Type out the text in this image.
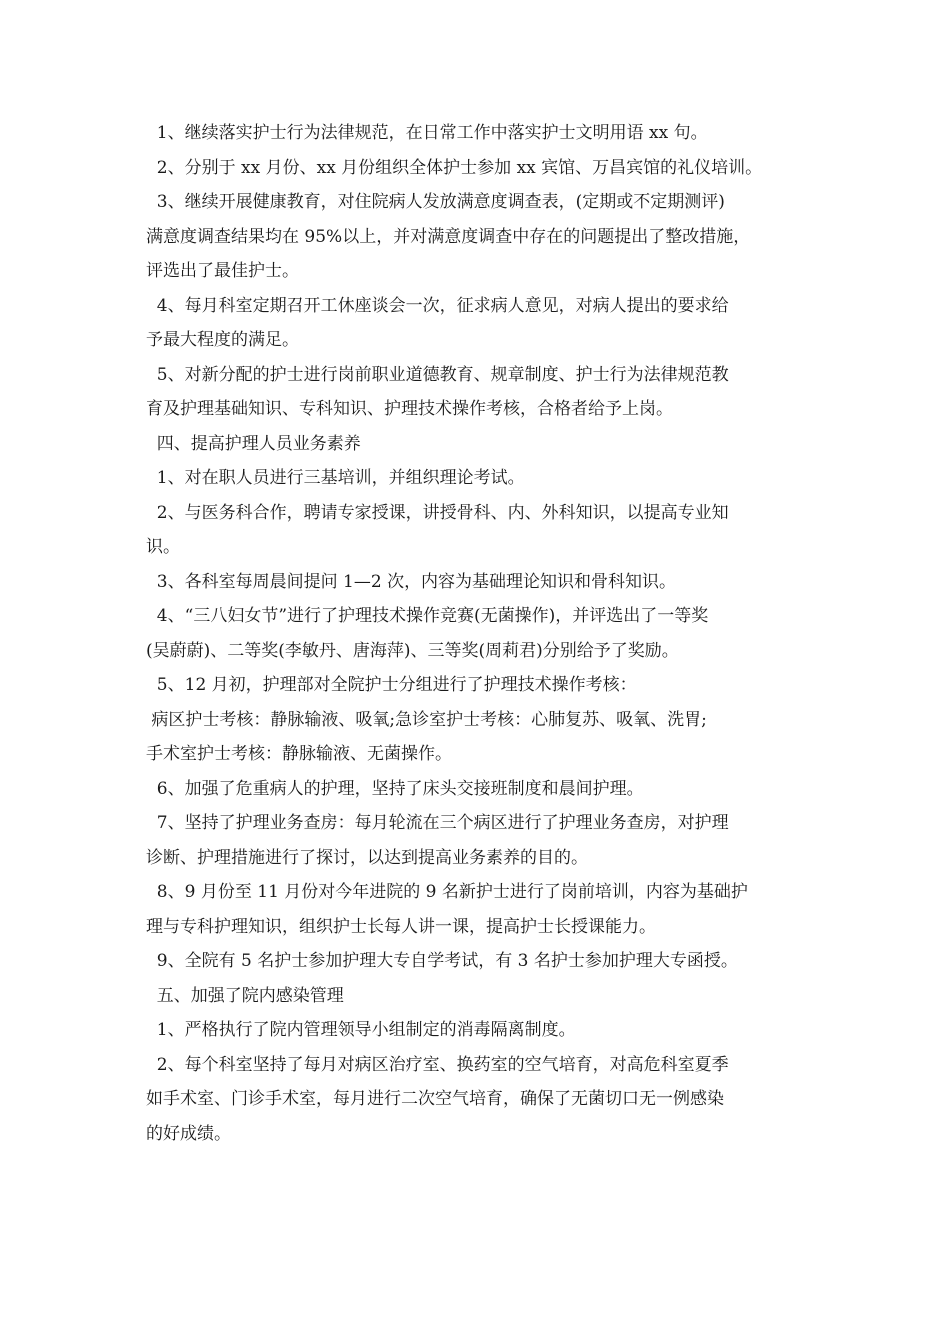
1、继续落实护士行为法律规范，在日常工作中落实护士文明用语 xx 句。

2、分别于 xx 月份、xx 月份组织全体护士参加 xx 宾馆、万昌宾馆的礼仪培训。

3、继续开展健康教育，对住院病人发放满意度调查表，(定期或不定期测评)

满意度调查结果均在 95%以上，并对满意度调查中存在的问题提出了整改措施，

评选出了最佳护士。

4、每月科室定期召开工休座谈会一次，征求病人意见，对病人提出的要求给

予最大程度的满足。

5、对新分配的护士进行岗前职业道德教育、规章制度、护士行为法律规范教

育及护理基础知识、专科知识、护理技术操作考核，合格者给予上岗。

四、提高护理人员业务素养

1、对在职人员进行三基培训，并组织理论考试。

2、与医务科合作，聘请专家授课，讲授骨科、内、外科知识，以提高专业知

识。

3、各科室每周晨间提问 1—2 次，内容为基础理论知识和骨科知识。

4、“三八妇女节”进行了护理技术操作竞赛(无菌操作)，并评选出了一等奖

(吴蔚蔚)、二等奖(李敏丹、唐海萍)、三等奖(周莉君)分别给予了奖励。

5、12 月初，护理部对全院护士分组进行了护理技术操作考核：

病区护士考核：静脉输液、吸氧;急诊室护士考核：心肺复苏、吸氧、洗胃;

手术室护士考核：静脉输液、无菌操作。

6、加强了危重病人的护理，坚持了床头交接班制度和晨间护理。

7、坚持了护理业务查房：每月轮流在三个病区进行了护理业务查房，对护理

诊断、护理措施进行了探讨，以达到提高业务素养的目的。

8、9 月份至 11 月份对今年进院的 9 名新护士进行了岗前培训，内容为基础护

理与专科护理知识，组织护士长每人讲一课，提高护士长授课能力。

9、全院有 5 名护士参加护理大专自学考试，有 3 名护士参加护理大专函授。

五、加强了院内感染管理

1、严格执行了院内管理领导小组制定的消毒隔离制度。

2、每个科室坚持了每月对病区治疗室、换药室的空气培育，对高危科室夏季

如手术室、门诊手术室，每月进行二次空气培育，确保了无菌切口无一例感染

的好成绩。
